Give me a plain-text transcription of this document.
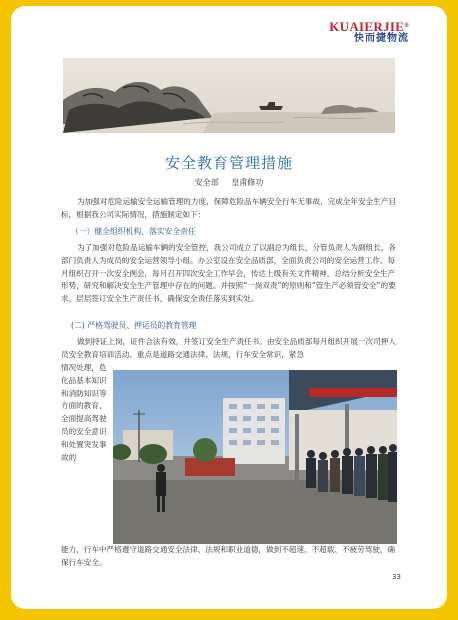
KUAIERJIE®
快而捷物流
安全教育管理措施
安全部 皇甫修功
为加强对危险运输安全运输管理的力度，保障危险品车辆安全行车无事故，完成全年安全生产目标，根据我公司实际情况，措施制定如下：
（一）健全组织机构、落实安全责任
为了加强对危险品运输车辆的安全管控，我公司成立了以副总为组长，分管负责人为副组长，各部门负责人为成员的安全运营领导小组。办公室设在安全品质部，全面负责公司的安全运营工作。每月组织召开一次安全例会，每月召开四次安全工作早会，传达上级有关文件精神，总结分析安全生产形势，研究和解决安全生产管理中存在的问题。并按照“一岗双责”的原则和“管生产必须管安全”的要求，层层签订安全生产责任书，确保安全责任落实到实处。
(二) 严格驾驶员、押运员的教育管理
做到持证上岗，证件合法有效，并签订安全生产责任书。由安全品质部每月组织开展一次司押人员安全教育培训活动。重点是道路交通法律、法规，行车安全常识，紧急
情况处理，危化品基本知识和消防知识等方面的教育，全面提高驾驶员的安全意识和处置突发事故的
能力，行车中严格遵守道路交通安全法律、法规和职业道德，做到不超速、不超载、不疲劳驾驶，确保行车安全。
33
